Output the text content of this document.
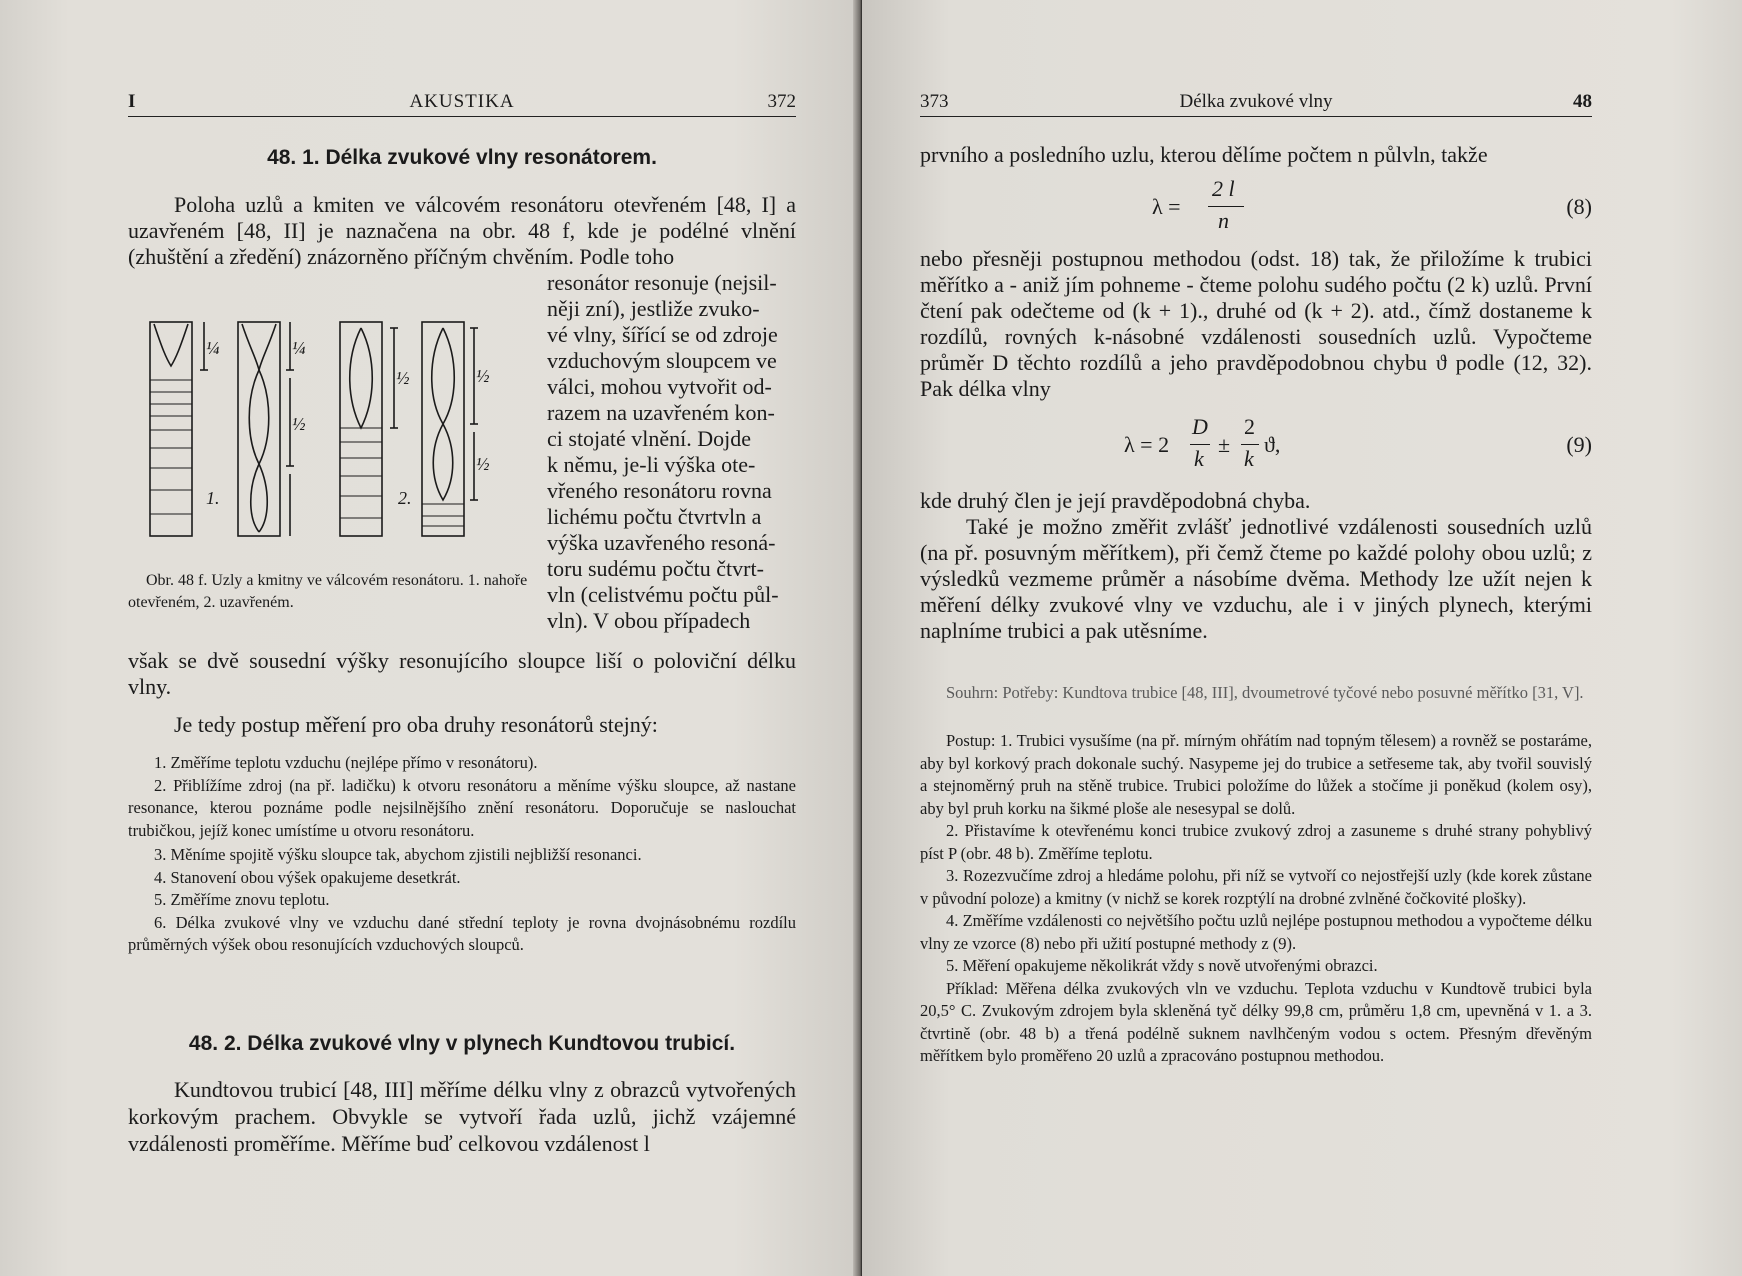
I	AKUSTIKA	372
48. 1. Délka zvukové vlny resonátorem.
Poloha uzlů a kmiten ve válcovém resonátoru otevřeném [48, I] a uzavřeném [48, II] je naznačena na obr. 48 f, kde je podélné vlnění (zhuštění a zředění) znázorněno příčným chvěním. Podle toho
¼	¼
½
½	½
½
1.	2.
Obr. 48 f. Uzly a kmitny ve válcovém resonátoru. 1. nahoře otevřeném, 2. uzavřeném.
resonátor resonuje (nejsil-
něji zní), jestliže zvuko-
vé vlny, šířící se od zdroje
vzduchovým sloupcem ve
válci, mohou vytvořit od-
razem na uzavřeném kon-
ci stojaté vlnění. Dojde
k němu, je-li výška ote-
vřeného resonátoru rovna
lichému počtu čtvrtvln a
výška uzavřeného resoná-
toru sudému počtu čtvrt-
vln (celistvému počtu půl-
vln). V obou případech
však se dvě sousední výšky resonujícího sloupce liší o poloviční délku vlny.
Je tedy postup měření pro oba druhy resonátorů stejný:

1. Změříme teplotu vzduchu (nejlépe přímo v resonátoru).

2. Přiblížíme zdroj (na př. ladičku) k otvoru resonátoru a měníme výšku sloupce, až nastane resonance, kterou poznáme podle nejsilnějšího znění resonátoru. Doporučuje se naslouchat trubičkou, jejíž konec umístíme u otvoru resonátoru.

3. Měníme spojitě výšku sloupce tak, abychom zjistili nejbližší resonanci.

4. Stanovení obou výšek opakujeme desetkrát.

5. Změříme znovu teplotu.

6. Délka zvukové vlny ve vzduchu dané střední teploty je rovna dvojnásobnému rozdílu průměrných výšek obou resonujících vzduchových sloupců.

48. 2. Délka zvukové vlny v plynech Kundtovou trubicí.
Kundtovou trubicí [48, III] měříme délku vlny z obrazců vytvořených korkovým prachem. Obvykle se vytvoří řada uzlů, jichž vzájemné vzdálenosti proměříme. Měříme buď celkovou vzdálenost l
373	Délka zvukové vlny	48
prvního a posledního uzlu, kterou dělíme počtem n půlvln, takže
λ =
2 l
n
(8)
nebo přesněji postupnou methodou (odst. 18) tak, že přiložíme k trubici měřítko a - aniž jím pohneme - čteme polohu sudého počtu (2 k) uzlů. První čtení pak odečteme od (k + 1)., druhé od (k + 2). atd., čímž dostaneme k rozdílů, rovných k-násobné vzdálenosti sousedních uzlů. Vypočteme průměr D těchto rozdílů a jeho pravděpodobnou chybu ϑ podle (12, 32). Pak délka vlny
λ = 2
D
k
±
2
k
ϑ,	(9)
kde druhý člen je její pravděpodobná chyba.
Také je možno změřit zvlášť jednotlivé vzdálenosti sousedních uzlů (na př. posuvným měřítkem), při čemž čteme po každé polohy obou uzlů; z výsledků vezmeme průměr a násobíme dvěma. Methody lze užít nejen k měření délky zvukové vlny ve vzduchu, ale i v jiných plynech, kterými naplníme trubici a pak utěsníme.

Souhrn: Potřeby: Kundtova trubice [48, III], dvoumetrové tyčové nebo posuvné měřítko [31, V].

Postup: 1. Trubici vysušíme (na př. mírným ohřátím nad topným tělesem) a rovněž se postaráme, aby byl korkový prach dokonale suchý. Nasypeme jej do trubice a setřeseme tak, aby tvořil souvislý a stejnoměrný pruh na stěně trubice. Trubici položíme do lůžek a stočíme ji poněkud (kolem osy), aby byl pruh korku na šikmé ploše ale nesesypal se dolů.

2. Přistavíme k otevřenému konci trubice zvukový zdroj a zasuneme s druhé strany pohyblivý píst P (obr. 48 b). Změříme teplotu.

3. Rozezvučíme zdroj a hledáme polohu, při níž se vytvoří co nejostřejší uzly (kde korek zůstane v původní poloze) a kmitny (v nichž se korek rozptýlí na drobné zvlněné čočkovité plošky).

4. Změříme vzdálenosti co největšího počtu uzlů nejlépe postupnou methodou a vypočteme délku vlny ze vzorce (8) nebo při užití postupné methody z (9).

5. Měření opakujeme několikrát vždy s nově utvořenými obrazci.

Příklad: Měřena délka zvukových vln ve vzduchu. Teplota vzduchu v Kundtově trubici byla 20,5° C. Zvukovým zdrojem byla skleněná tyč délky 99,8 cm, průměru 1,8 cm, upevněná v 1. a 3. čtvrtině (obr. 48 b) a třená podélně suknem navlhčeným vodou s octem. Přesným dřevěným měřítkem bylo proměřeno 20 uzlů a zpracováno postupnou methodou.
